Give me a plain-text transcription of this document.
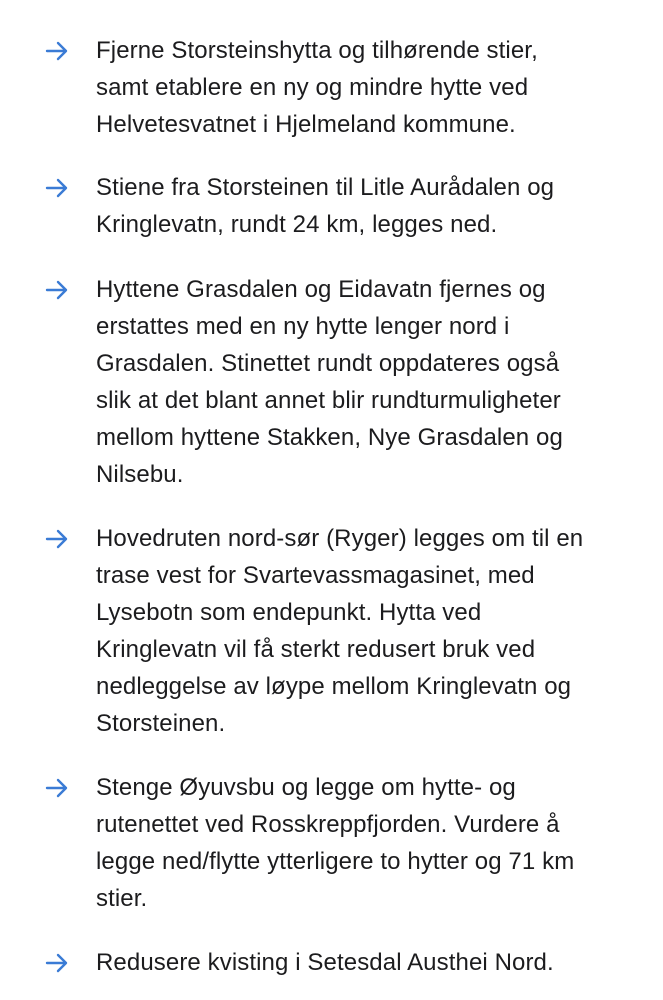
Fjerne Storsteinshytta og tilhørende stier,
samt etablere en ny og mindre hytte ved
Helvetesvatnet i Hjelmeland kommune.
Stiene fra Storsteinen til Litle Aurådalen og
Kringlevatn, rundt 24 km, legges ned.
Hyttene Grasdalen og Eidavatn fjernes og
erstattes med en ny hytte lenger nord i
Grasdalen. Stinettet rundt oppdateres også
slik at det blant annet blir rundturmuligheter
mellom hyttene Stakken, Nye Grasdalen og
Nilsebu.
Hovedruten nord-sør (Ryger) legges om til en
trase vest for Svartevassmagasinet, med
Lysebotn som endepunkt. Hytta ved
Kringlevatn vil få sterkt redusert bruk ved
nedleggelse av løype mellom Kringlevatn og
Storsteinen.
Stenge Øyuvsbu og legge om hytte- og
rutenettet ved Rosskreppfjorden. Vurdere å
legge ned/flytte ytterligere to hytter og 71 km
stier.
Redusere kvisting i Setesdal Austhei Nord.
